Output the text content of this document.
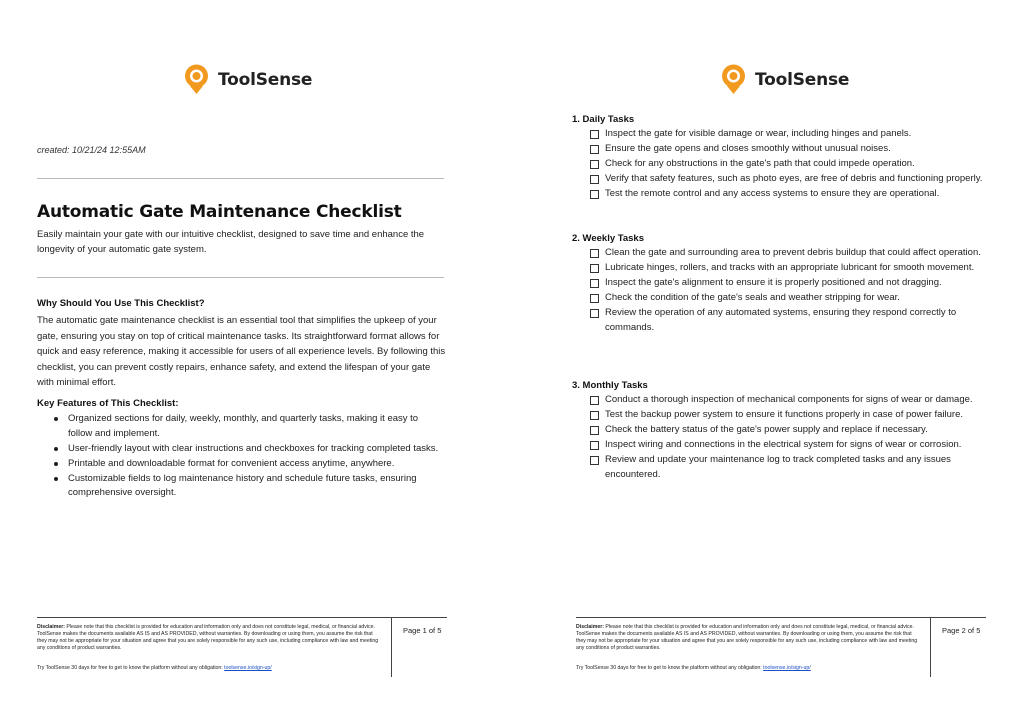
ToolSense
created: 10/21/24 12:55AM
Automatic Gate Maintenance Checklist
Easily maintain your gate with our intuitive checklist, designed to save time and enhance the longevity of your automatic gate system.
Why Should You Use This Checklist?
The automatic gate maintenance checklist is an essential tool that simplifies the upkeep of your gate, ensuring you stay on top of critical maintenance tasks. Its straightforward format allows for quick and easy reference, making it accessible for users of all experience levels. By following this checklist, you can prevent costly repairs, enhance safety, and extend the lifespan of your gate with minimal effort.
Key Features of This Checklist:
Organized sections for daily, weekly, monthly, and quarterly tasks, making it easy to follow and implement.
User-friendly layout with clear instructions and checkboxes for tracking completed tasks.
Printable and downloadable format for convenient access anytime, anywhere.
Customizable fields to log maintenance history and schedule future tasks, ensuring comprehensive oversight.
Disclaimer: Please note that this checklist is provided for education and information only and does not constitute legal, medical, or financial advice. ToolSense makes the documents available AS IS and AS PROVIDED, without warranties. By downloading or using them, you assume the risk that they may not be appropriate for your situation and agree that you are solely responsible for any such use, including compliance with law and meeting any conditions of product warranties.
Try ToolSense 30 days for free to get to know the platform without any obligation: toolsense.io/sign-up/
Page 1 of 5
ToolSense
Disclaimer: Please note that this checklist is provided for education and information only and does not constitute legal, medical, or financial advice. ToolSense makes the documents available AS IS and AS PROVIDED, without warranties. By downloading or using them, you assume the risk that they may not be appropriate for your situation and agree that you are solely responsible for any such use, including compliance with law and meeting any conditions of product warranties.
Try ToolSense 30 days for free to get to know the platform without any obligation: toolsense.io/sign-up/
Page 2 of 5
1. Daily Tasks
Inspect the gate for visible damage or wear, including hinges and panels.
Ensure the gate opens and closes smoothly without unusual noises.
Check for any obstructions in the gate's path that could impede operation.
Verify that safety features, such as photo eyes, are free of debris and functioning properly.
Test the remote control and any access systems to ensure they are operational.
2. Weekly Tasks
Clean the gate and surrounding area to prevent debris buildup that could affect operation.
Lubricate hinges, rollers, and tracks with an appropriate lubricant for smooth movement.
Inspect the gate's alignment to ensure it is properly positioned and not dragging.
Check the condition of the gate's seals and weather stripping for wear.
Review the operation of any automated systems, ensuring they respond correctly to commands.
3. Monthly Tasks
Conduct a thorough inspection of mechanical components for signs of wear or damage.
Test the backup power system to ensure it functions properly in case of power failure.
Check the battery status of the gate's power supply and replace if necessary.
Inspect wiring and connections in the electrical system for signs of wear or corrosion.
Review and update your maintenance log to track completed tasks and any issues encountered.
